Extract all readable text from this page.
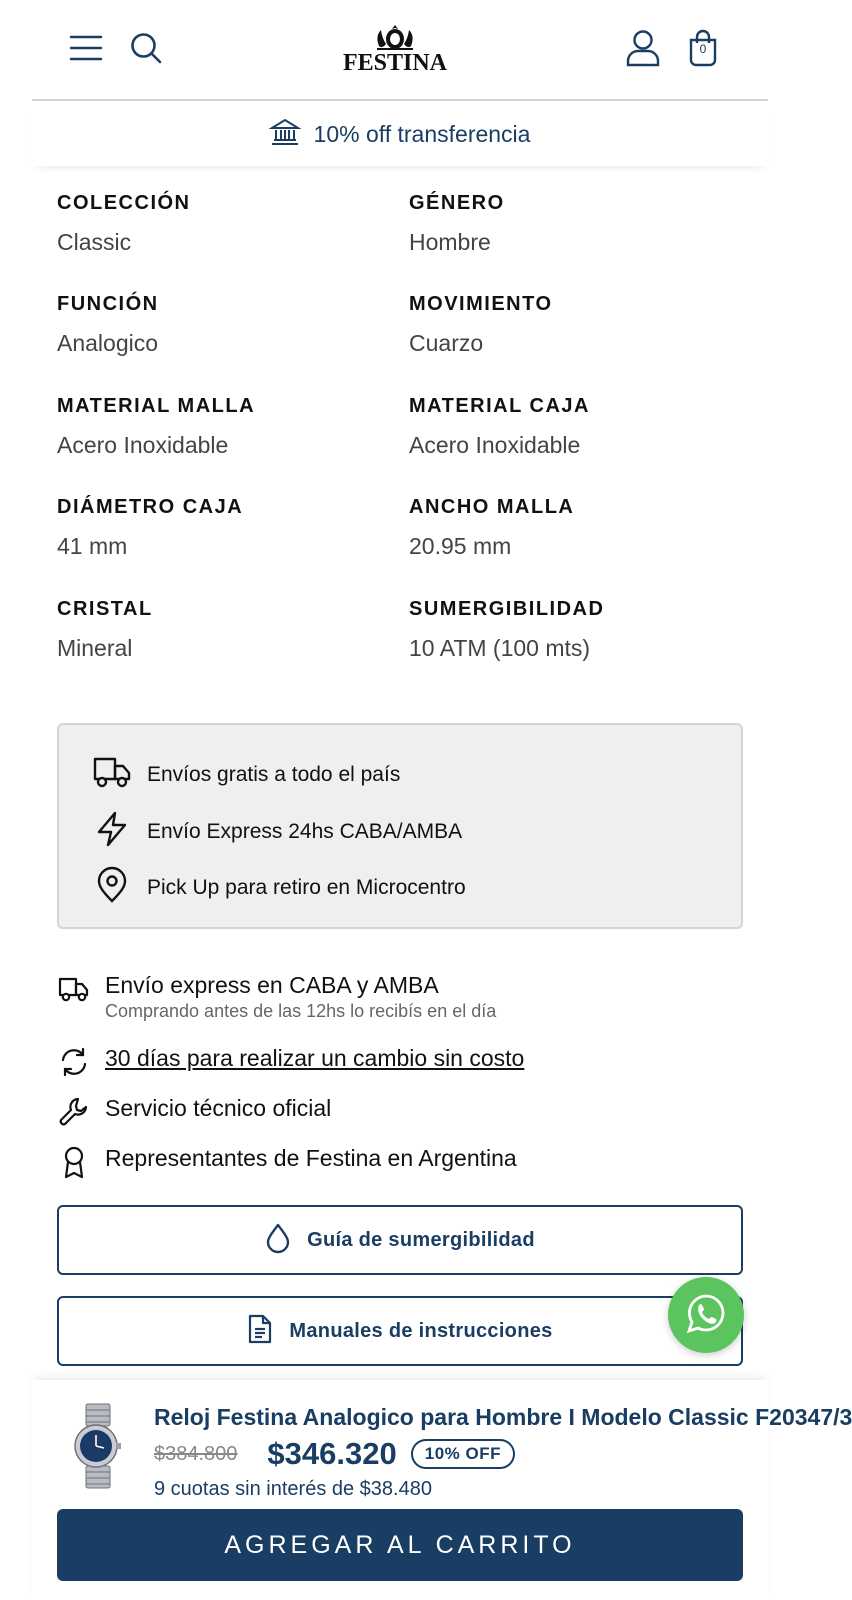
FESTINA
0
10% off transferencia
COLECCIÓN
Classic
GÉNERO
Hombre
FUNCIÓN
Analogico
MOVIMIENTO
Cuarzo
MATERIAL MALLA
Acero Inoxidable
MATERIAL CAJA
Acero Inoxidable
DIÁMETRO CAJA
41 mm
ANCHO MALLA
20.95 mm
CRISTAL
Mineral
SUMERGIBILIDAD
10 ATM (100 mts)
Envíos gratis a todo el país
Envío Express 24hs CABA/AMBA
Pick Up para retiro en Microcentro
Envío express en CABA y AMBA
Comprando antes de las 12hs lo recibís en el día
30 días para realizar un cambio sin costo
Servicio técnico oficial
Representantes de Festina en Argentina
Guía de sumergibilidad
Manuales de instrucciones
Reloj Festina Analogico para Hombre I Modelo Classic F20347/3
$384.800 $346.320	10% OFF
9 cuotas sin interés de $38.480
AGREGAR AL CARRITO
